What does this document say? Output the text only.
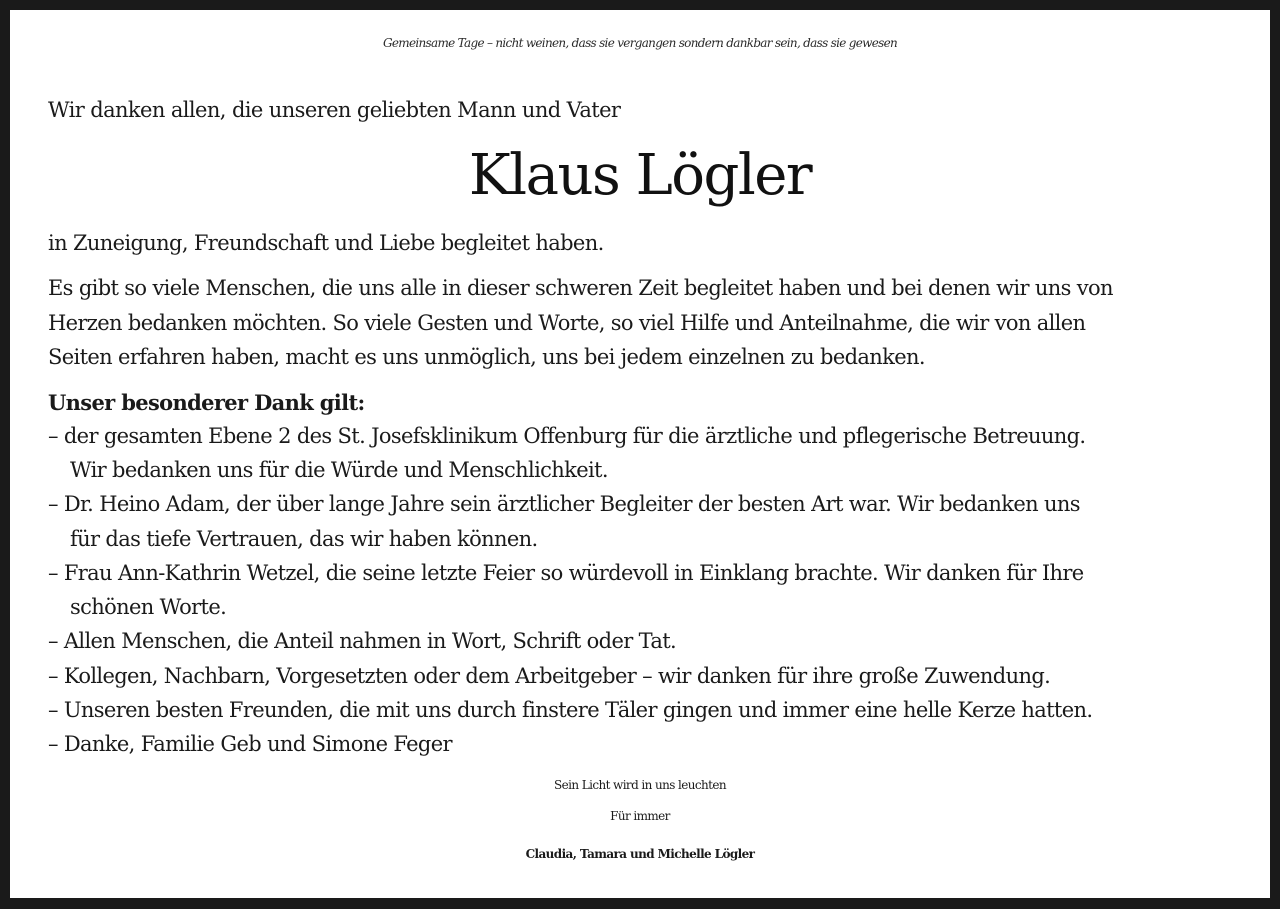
Gemeinsame Tage – nicht weinen, dass sie vergangen sondern dankbar sein, dass sie gewesen
Wir danken allen, die unseren geliebten Mann und Vater
Klaus Lögler
in Zuneigung, Freundschaft und Liebe begleitet haben.
Es gibt so viele Menschen, die uns alle in dieser schweren Zeit begleitet haben und bei denen wir uns von
Herzen bedanken möchten. So viele Gesten und Worte, so viel Hilfe und Anteilnahme, die wir von allen
Seiten erfahren haben, macht es uns unmöglich, uns bei jedem einzelnen zu bedanken.
Unser besonderer Dank gilt:
– der gesamten Ebene 2 des St. Josefsklinikum Offenburg für die ärztliche und pflegerische Betreuung.
Wir bedanken uns für die Würde und Menschlichkeit.
– Dr. Heino Adam, der über lange Jahre sein ärztlicher Begleiter der besten Art war. Wir bedanken uns
für das tiefe Vertrauen, das wir haben können.
– Frau Ann-Kathrin Wetzel, die seine letzte Feier so würdevoll in Einklang brachte. Wir danken für Ihre
schönen Worte.
– Allen Menschen, die Anteil nahmen in Wort, Schrift oder Tat.
– Kollegen, Nachbarn, Vorgesetzten oder dem Arbeitgeber – wir danken für ihre große Zuwendung.
– Unseren besten Freunden, die mit uns durch finstere Täler gingen und immer eine helle Kerze hatten.
– Danke, Familie Geb und Simone Feger
Sein Licht wird in uns leuchten
Für immer
Claudia, Tamara und Michelle Lögler
